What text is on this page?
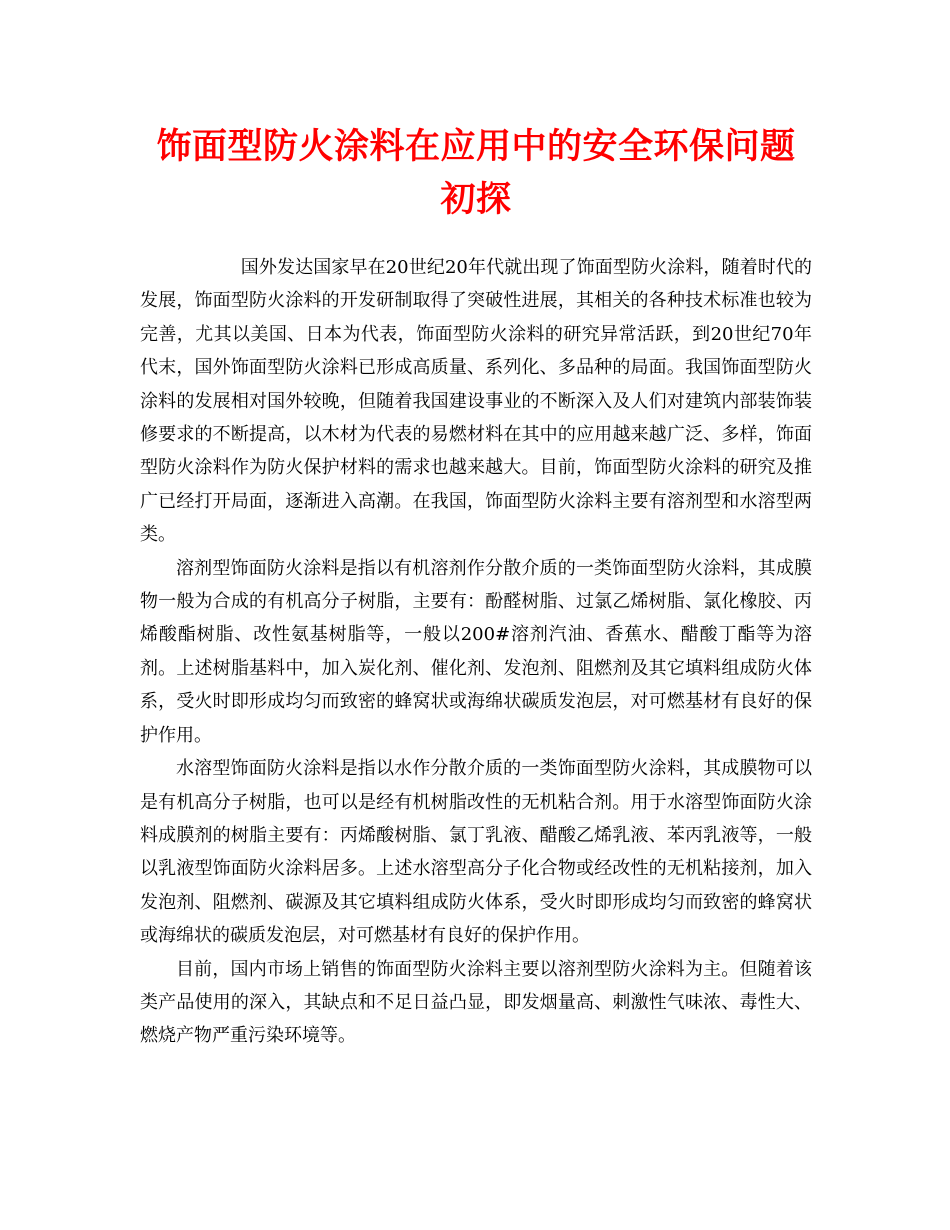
饰面型防火涂料在应用中的安全环保问题初探

国外发达国家早在20世纪20年代就出现了饰面型防火涂料，随着时代的发展，饰面型防火涂料的开发研制取得了突破性进展，其相关的各种技术标准也较为完善，尤其以美国、日本为代表，饰面型防火涂料的研究异常活跃，到20世纪70年代末，国外饰面型防火涂料已形成高质量、系列化、多品种的局面。我国饰面型防火涂料的发展相对国外较晚，但随着我国建设事业的不断深入及人们对建筑内部装饰装修要求的不断提高，以木材为代表的易燃材料在其中的应用越来越广泛、多样，饰面型防火涂料作为防火保护材料的需求也越来越大。目前，饰面型防火涂料的研究及推广已经打开局面，逐渐进入高潮。在我国，饰面型防火涂料主要有溶剂型和水溶型两类。

溶剂型饰面防火涂料是指以有机溶剂作分散介质的一类饰面型防火涂料，其成膜物一般为合成的有机高分子树脂，主要有：酚醛树脂、过氯乙烯树脂、氯化橡胶、丙烯酸酯树脂、改性氨基树脂等，一般以200#溶剂汽油、香蕉水、醋酸丁酯等为溶剂。上述树脂基料中，加入炭化剂、催化剂、发泡剂、阻燃剂及其它填料组成防火体系，受火时即形成均匀而致密的蜂窝状或海绵状碳质发泡层，对可燃基材有良好的保护作用。

水溶型饰面防火涂料是指以水作分散介质的一类饰面型防火涂料，其成膜物可以是有机高分子树脂，也可以是经有机树脂改性的无机粘合剂。用于水溶型饰面防火涂料成膜剂的树脂主要有：丙烯酸树脂、氯丁乳液、醋酸乙烯乳液、苯丙乳液等，一般以乳液型饰面防火涂料居多。上述水溶型高分子化合物或经改性的无机粘接剂，加入发泡剂、阻燃剂、碳源及其它填料组成防火体系，受火时即形成均匀而致密的蜂窝状或海绵状的碳质发泡层，对可燃基材有良好的保护作用。

目前，国内市场上销售的饰面型防火涂料主要以溶剂型防火涂料为主。但随着该类产品使用的深入，其缺点和不足日益凸显，即发烟量高、刺激性气味浓、毒性大、燃烧产物严重污染环境等。
